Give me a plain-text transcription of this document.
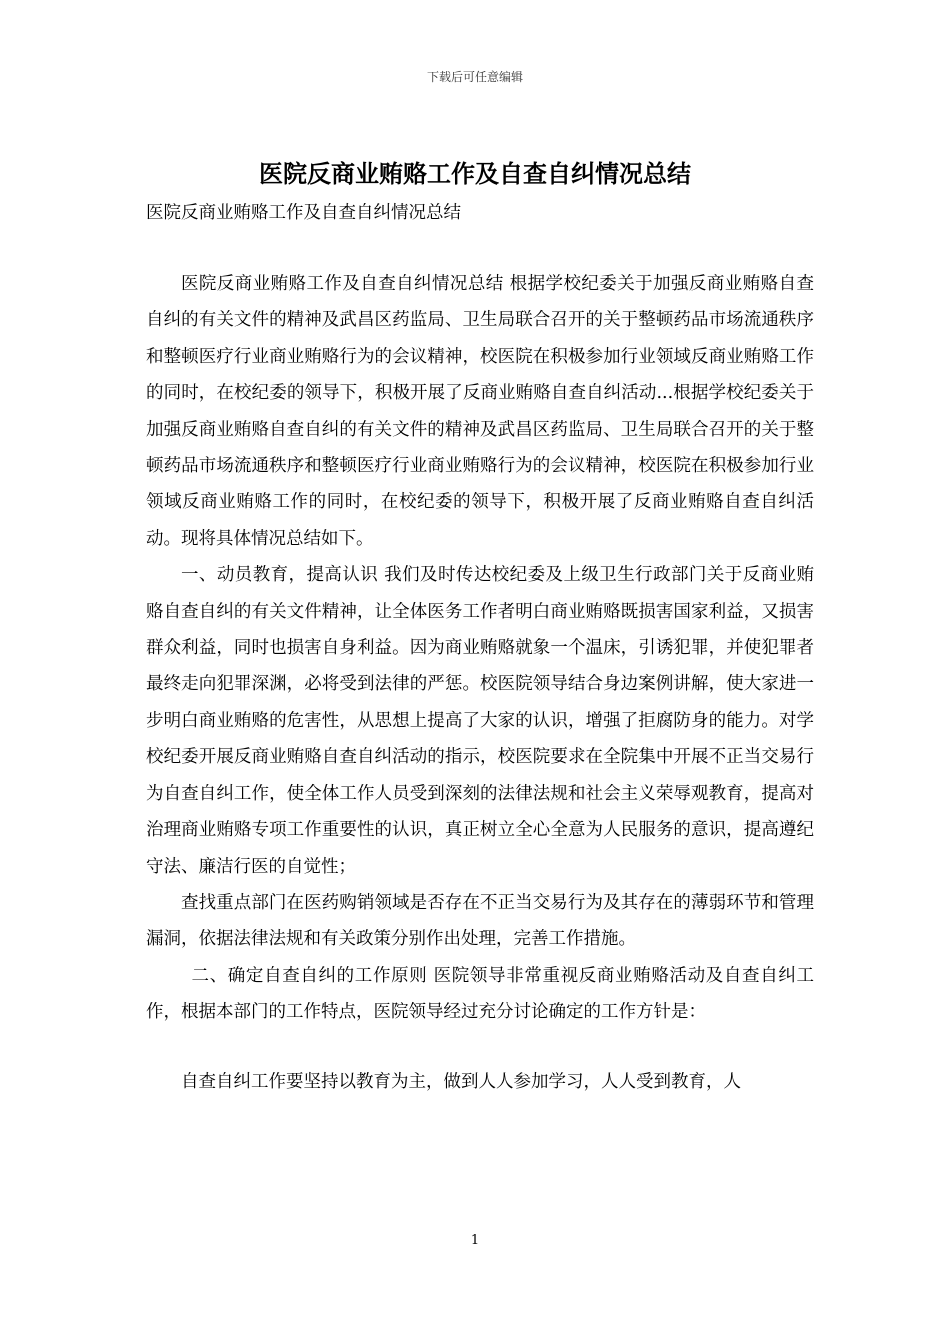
下载后可任意编辑
医院反商业贿赂工作及自查自纠情况总结

医院反商业贿赂工作及自查自纠情况总结

医院反商业贿赂工作及自查自纠情况总结 根据学校纪委关于加强反商业贿赂自查自纠的有关文件的精神及武昌区药监局、卫生局联合召开的关于整顿药品市场流通秩序和整顿医疗行业商业贿赂行为的会议精神，校医院在积极参加行业领域反商业贿赂工作的同时，在校纪委的领导下，积极开展了反商业贿赂自查自纠活动...根据学校纪委关于加强反商业贿赂自查自纠的有关文件的精神及武昌区药监局、卫生局联合召开的关于整顿药品市场流通秩序和整顿医疗行业商业贿赂行为的会议精神，校医院在积极参加行业领域反商业贿赂工作的同时，在校纪委的领导下，积极开展了反商业贿赂自查自纠活动。现将具体情况总结如下。

一、动员教育，提高认识 我们及时传达校纪委及上级卫生行政部门关于反商业贿赂自查自纠的有关文件精神，让全体医务工作者明白商业贿赂既损害国家利益，又损害群众利益，同时也损害自身利益。因为商业贿赂就象一个温床，引诱犯罪，并使犯罪者最终走向犯罪深渊，必将受到法律的严惩。校医院领导结合身边案例讲解，使大家进一步明白商业贿赂的危害性，从思想上提高了大家的认识，增强了拒腐防身的能力。对学校纪委开展反商业贿赂自查自纠活动的指示，校医院要求在全院集中开展不正当交易行为自查自纠工作，使全体工作人员受到深刻的法律法规和社会主义荣辱观教育，提高对治理商业贿赂专项工作重要性的认识，真正树立全心全意为人民服务的意识，提高遵纪守法、廉洁行医的自觉性；

查找重点部门在医药购销领域是否存在不正当交易行为及其存在的薄弱环节和管理漏洞，依据法律法规和有关政策分别作出处理，完善工作措施。

二、确定自查自纠的工作原则 医院领导非常重视反商业贿赂活动及自查自纠工作，根据本部门的工作特点，医院领导经过充分讨论确定的工作方针是：

自查自纠工作要坚持以教育为主，做到人人参加学习，人人受到教育，人

1
